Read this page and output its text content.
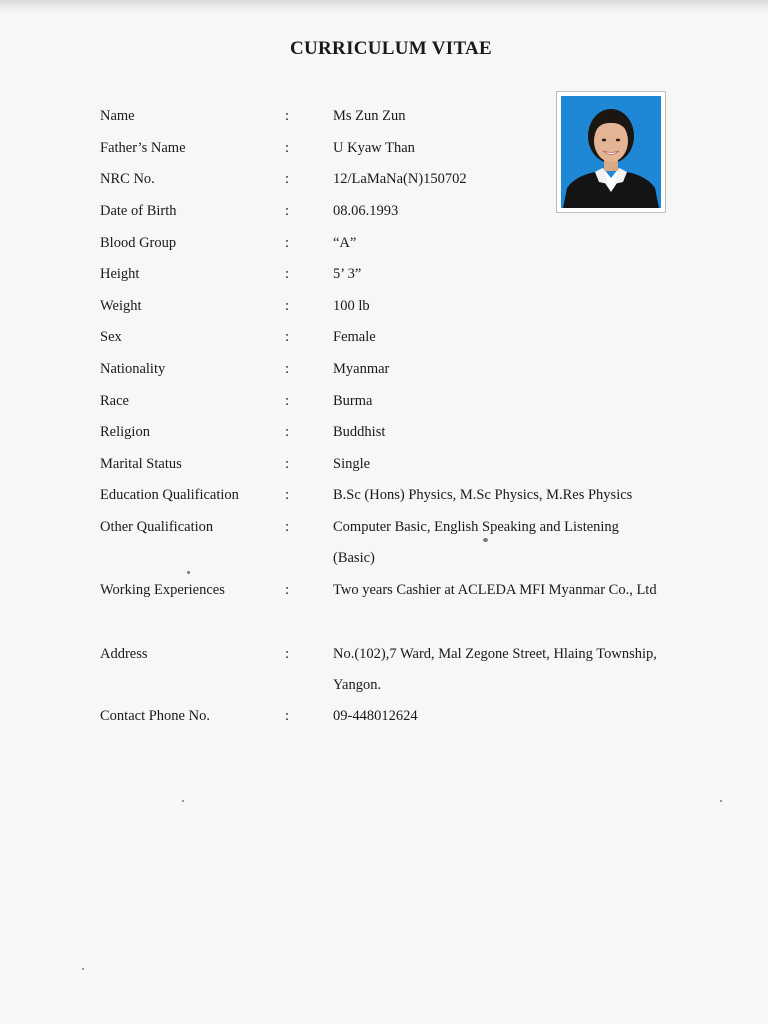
CURRICULUM VITAE
Name	:	Ms Zun Zun
Father’s Name	:	U Kyaw Than
NRC No.	:	12/LaMaNa(N)150702
Date of Birth	:	08.06.1993
Blood Group	:	“A”
Height	:	5’ 3”
Weight	:	100 lb
Sex	:	Female
Nationality	:	Myanmar
Race	:	Burma
Religion	:	Buddhist
Marital Status	:	Single
Education Qualification	:	B.Sc (Hons) Physics, M.Sc Physics, M.Res Physics
Other Qualification	:	Computer Basic, English Speaking and Listening
(Basic)
Working Experiences	:	Two years Cashier at ACLEDA MFI Myanmar Co., Ltd
Address	:	No.(102),7 Ward, Mal Zegone Street, Hlaing Township,
Yangon.
Contact Phone No.	:	09-448012624
